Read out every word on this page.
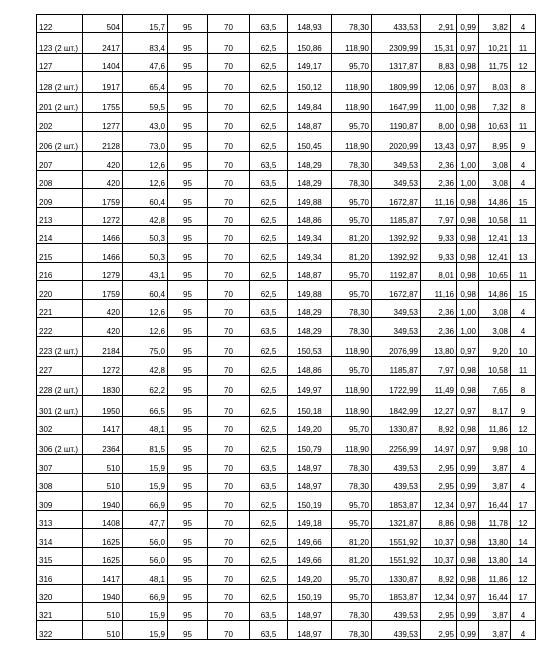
122	504	15,7	95	70	63,5	148,93	78,30	433,53	2,91	0,99	3,82	4
123 (2 шт.)	2417	83,4	95	70	62,5	150,86	118,90	2309,99	15,31	0,97	10,21	11
127	1404	47,6	95	70	62,5	149,17	95,70	1317,87	8,83	0,98	11,75	12
128 (2 шт.)	1917	65,4	95	70	62,5	150,12	118,90	1809,99	12,06	0,97	8,03	8
201 (2 шт.)	1755	59,5	95	70	62,5	149,84	118,90	1647,99	11,00	0,98	7,32	8
202	1277	43,0	95	70	62,5	148,87	95,70	1190,87	8,00	0,98	10,63	11
206 (2 шт.)	2128	73,0	95	70	62,5	150,45	118,90	2020,99	13,43	0,97	8,95	9
207	420	12,6	95	70	63,5	148,29	78,30	349,53	2,36	1,00	3,08	4
208	420	12,6	95	70	63,5	148,29	78,30	349,53	2,36	1,00	3,08	4
209	1759	60,4	95	70	62,5	149,88	95,70	1672,87	11,16	0,98	14,86	15
213	1272	42,8	95	70	62,5	148,86	95,70	1185,87	7,97	0,98	10,58	11
214	1466	50,3	95	70	62,5	149,34	81,20	1392,92	9,33	0,98	12,41	13
215	1466	50,3	95	70	62,5	149,34	81,20	1392,92	9,33	0,98	12,41	13
216	1279	43,1	95	70	62,5	148,87	95,70	1192,87	8,01	0,98	10,65	11
220	1759	60,4	95	70	62,5	149,88	95,70	1672,87	11,16	0,98	14,86	15
221	420	12,6	95	70	63,5	148,29	78,30	349,53	2,36	1,00	3,08	4
222	420	12,6	95	70	63,5	148,29	78,30	349,53	2,36	1,00	3,08	4
223 (2 шт.)	2184	75,0	95	70	62,5	150,53	118,90	2076,99	13,80	0,97	9,20	10
227	1272	42,8	95	70	62,5	148,86	95,70	1185,87	7,97	0,98	10,58	11
228 (2 шт.)	1830	62,2	95	70	62,5	149,97	118,90	1722,99	11,49	0,98	7,65	8
301 (2 шт.)	1950	66,5	95	70	62,5	150,18	118,90	1842,99	12,27	0,97	8,17	9
302	1417	48,1	95	70	62,5	149,20	95,70	1330,87	8,92	0,98	11,86	12
306 (2 шт.)	2364	81,5	95	70	62,5	150,79	118,90	2256,99	14,97	0,97	9,98	10
307	510	15,9	95	70	63,5	148,97	78,30	439,53	2,95	0,99	3,87	4
308	510	15,9	95	70	63,5	148,97	78,30	439,53	2,95	0,99	3,87	4
309	1940	66,9	95	70	62,5	150,19	95,70	1853,87	12,34	0,97	16,44	17
313	1408	47,7	95	70	62,5	149,18	95,70	1321,87	8,86	0,98	11,78	12
314	1625	56,0	95	70	62,5	149,66	81,20	1551,92	10,37	0,98	13,80	14
315	1625	56,0	95	70	62,5	149,66	81,20	1551,92	10,37	0,98	13,80	14
316	1417	48,1	95	70	62,5	149,20	95,70	1330,87	8,92	0,98	11,86	12
320	1940	66,9	95	70	62,5	150,19	95,70	1853,87	12,34	0,97	16,44	17
321	510	15,9	95	70	63,5	148,97	78,30	439,53	2,95	0,99	3,87	4
322	510	15,9	95	70	63,5	148,97	78,30	439,53	2,95	0,99	3,87	4
